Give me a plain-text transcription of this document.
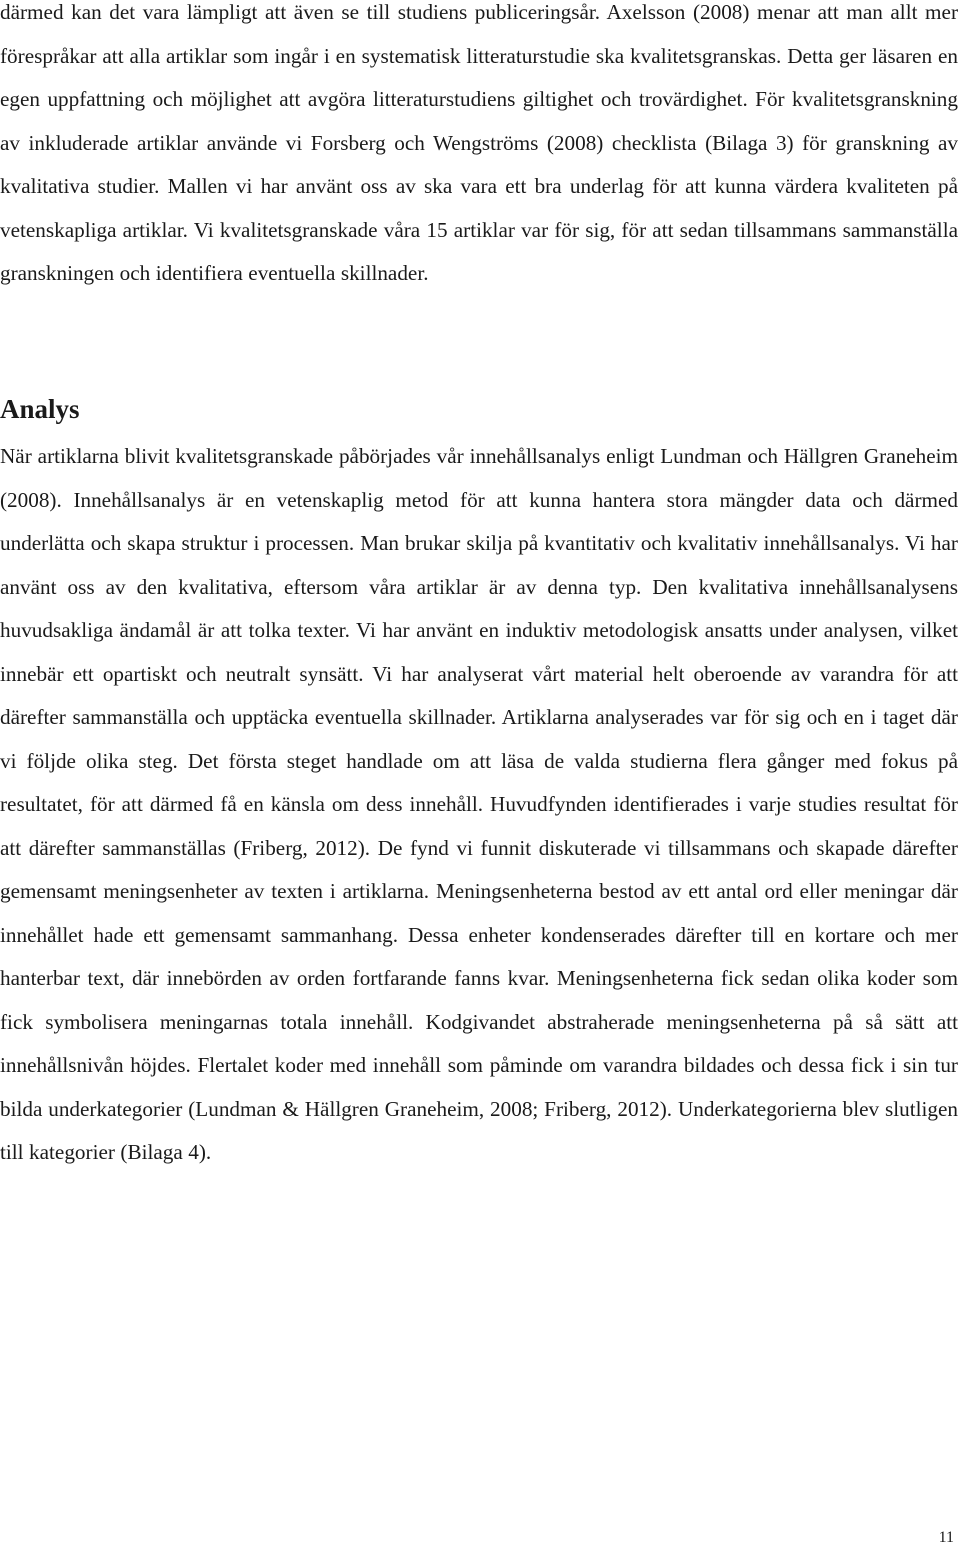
därmed kan det vara lämpligt att även se till studiens publiceringsår. Axelsson (2008) menar att man allt mer förespråkar att alla artiklar som ingår i en systematisk litteraturstudie ska kvalitetsgranskas. Detta ger läsaren en egen uppfattning och möjlighet att avgöra litteraturstudiens giltighet och trovärdighet. För kvalitetsgranskning av inkluderade artiklar använde vi Forsberg och Wengströms (2008) checklista (Bilaga 3) för granskning av kvalitativa studier. Mallen vi har använt oss av ska vara ett bra underlag för att kunna värdera kvaliteten på vetenskapliga artiklar. Vi kvalitetsgranskade våra 15 artiklar var för sig, för att sedan tillsammans sammanställa granskningen och identifiera eventuella skillnader.

Analys

När artiklarna blivit kvalitetsgranskade påbörjades vår innehållsanalys enligt Lundman och Hällgren Graneheim (2008). Innehållsanalys är en vetenskaplig metod för att kunna hantera stora mängder data och därmed underlätta och skapa struktur i processen. Man brukar skilja på kvantitativ och kvalitativ innehållsanalys. Vi har använt oss av den kvalitativa, eftersom våra artiklar är av denna typ. Den kvalitativa innehållsanalysens huvudsakliga ändamål är att tolka texter. Vi har använt en induktiv metodologisk ansatts under analysen, vilket innebär ett opartiskt och neutralt synsätt. Vi har analyserat vårt material helt oberoende av varandra för att därefter sammanställa och upptäcka eventuella skillnader. Artiklarna analyserades var för sig och en i taget där vi följde olika steg. Det första steget handlade om att läsa de valda studierna flera gånger med fokus på resultatet, för att därmed få en känsla om dess innehåll. Huvudfynden identifierades i varje studies resultat för att därefter sammanställas (Friberg, 2012). De fynd vi funnit diskuterade vi tillsammans och skapade därefter gemensamt meningsenheter av texten i artiklarna. Meningsenheterna bestod av ett antal ord eller meningar där innehållet hade ett gemensamt sammanhang. Dessa enheter kondenserades därefter till en kortare och mer hanterbar text, där innebörden av orden fortfarande fanns kvar. Meningsenheterna fick sedan olika koder som fick symbolisera meningarnas totala innehåll. Kodgivandet abstraherade meningsenheterna på så sätt att innehållsnivån höjdes. Flertalet koder med innehåll som påminde om varandra bildades och dessa fick i sin tur bilda underkategorier (Lundman & Hällgren Graneheim, 2008; Friberg, 2012). Underkategorierna blev slutligen till kategorier (Bilaga 4).

11
